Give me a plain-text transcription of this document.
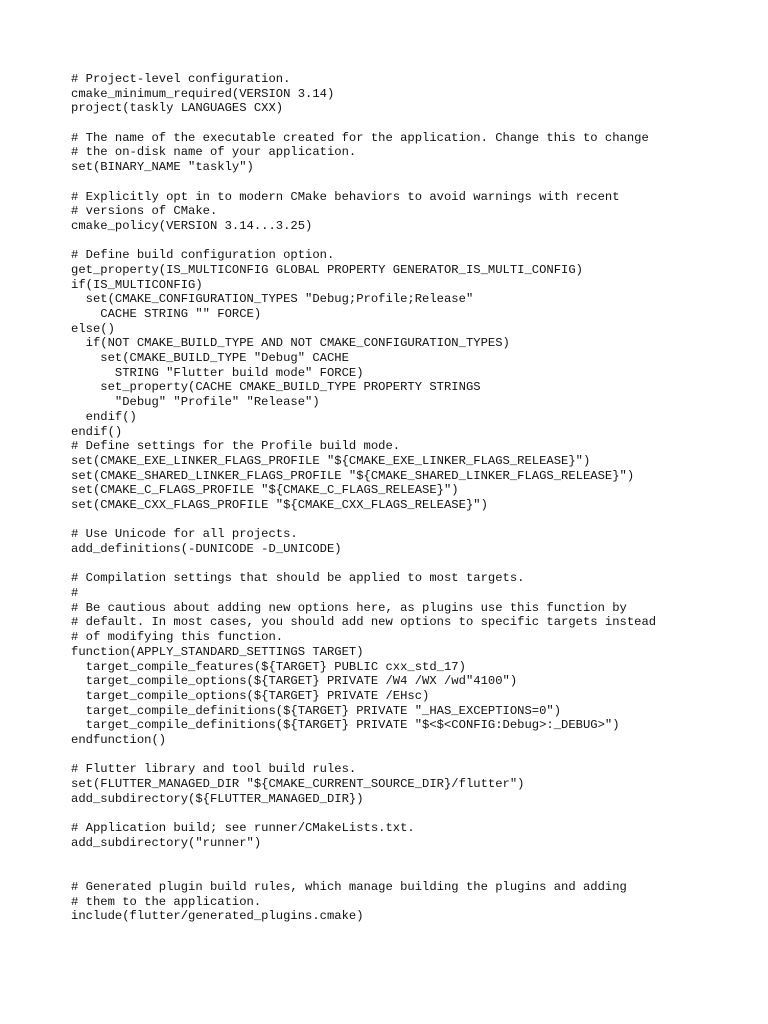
# Project-level configuration.
cmake_minimum_required(VERSION 3.14)
project(taskly LANGUAGES CXX)
# The name of the executable created for the application. Change this to change
# the on-disk name of your application.
set(BINARY_NAME "taskly")
# Explicitly opt in to modern CMake behaviors to avoid warnings with recent
# versions of CMake.
cmake_policy(VERSION 3.14...3.25)
# Define build configuration option.
get_property(IS_MULTICONFIG GLOBAL PROPERTY GENERATOR_IS_MULTI_CONFIG)
if(IS_MULTICONFIG)
set(CMAKE_CONFIGURATION_TYPES "Debug;Profile;Release"
CACHE STRING "" FORCE)
else()
if(NOT CMAKE_BUILD_TYPE AND NOT CMAKE_CONFIGURATION_TYPES)
set(CMAKE_BUILD_TYPE "Debug" CACHE
STRING "Flutter build mode" FORCE)
set_property(CACHE CMAKE_BUILD_TYPE PROPERTY STRINGS
"Debug" "Profile" "Release")
endif()
endif()
# Define settings for the Profile build mode.
set(CMAKE_EXE_LINKER_FLAGS_PROFILE "${CMAKE_EXE_LINKER_FLAGS_RELEASE}")
set(CMAKE_SHARED_LINKER_FLAGS_PROFILE "${CMAKE_SHARED_LINKER_FLAGS_RELEASE}")
set(CMAKE_C_FLAGS_PROFILE "${CMAKE_C_FLAGS_RELEASE}")
set(CMAKE_CXX_FLAGS_PROFILE "${CMAKE_CXX_FLAGS_RELEASE}")
# Use Unicode for all projects.
add_definitions(-DUNICODE -D_UNICODE)
# Compilation settings that should be applied to most targets.
#
# Be cautious about adding new options here, as plugins use this function by
# default. In most cases, you should add new options to specific targets instead
# of modifying this function.
function(APPLY_STANDARD_SETTINGS TARGET)
target_compile_features(${TARGET} PUBLIC cxx_std_17)
target_compile_options(${TARGET} PRIVATE /W4 /WX /wd"4100")
target_compile_options(${TARGET} PRIVATE /EHsc)
target_compile_definitions(${TARGET} PRIVATE "_HAS_EXCEPTIONS=0")
target_compile_definitions(${TARGET} PRIVATE "$<$<CONFIG:Debug>:_DEBUG>")
endfunction()
# Flutter library and tool build rules.
set(FLUTTER_MANAGED_DIR "${CMAKE_CURRENT_SOURCE_DIR}/flutter")
add_subdirectory(${FLUTTER_MANAGED_DIR})
# Application build; see runner/CMakeLists.txt.
add_subdirectory("runner")
# Generated plugin build rules, which manage building the plugins and adding
# them to the application.
include(flutter/generated_plugins.cmake)
